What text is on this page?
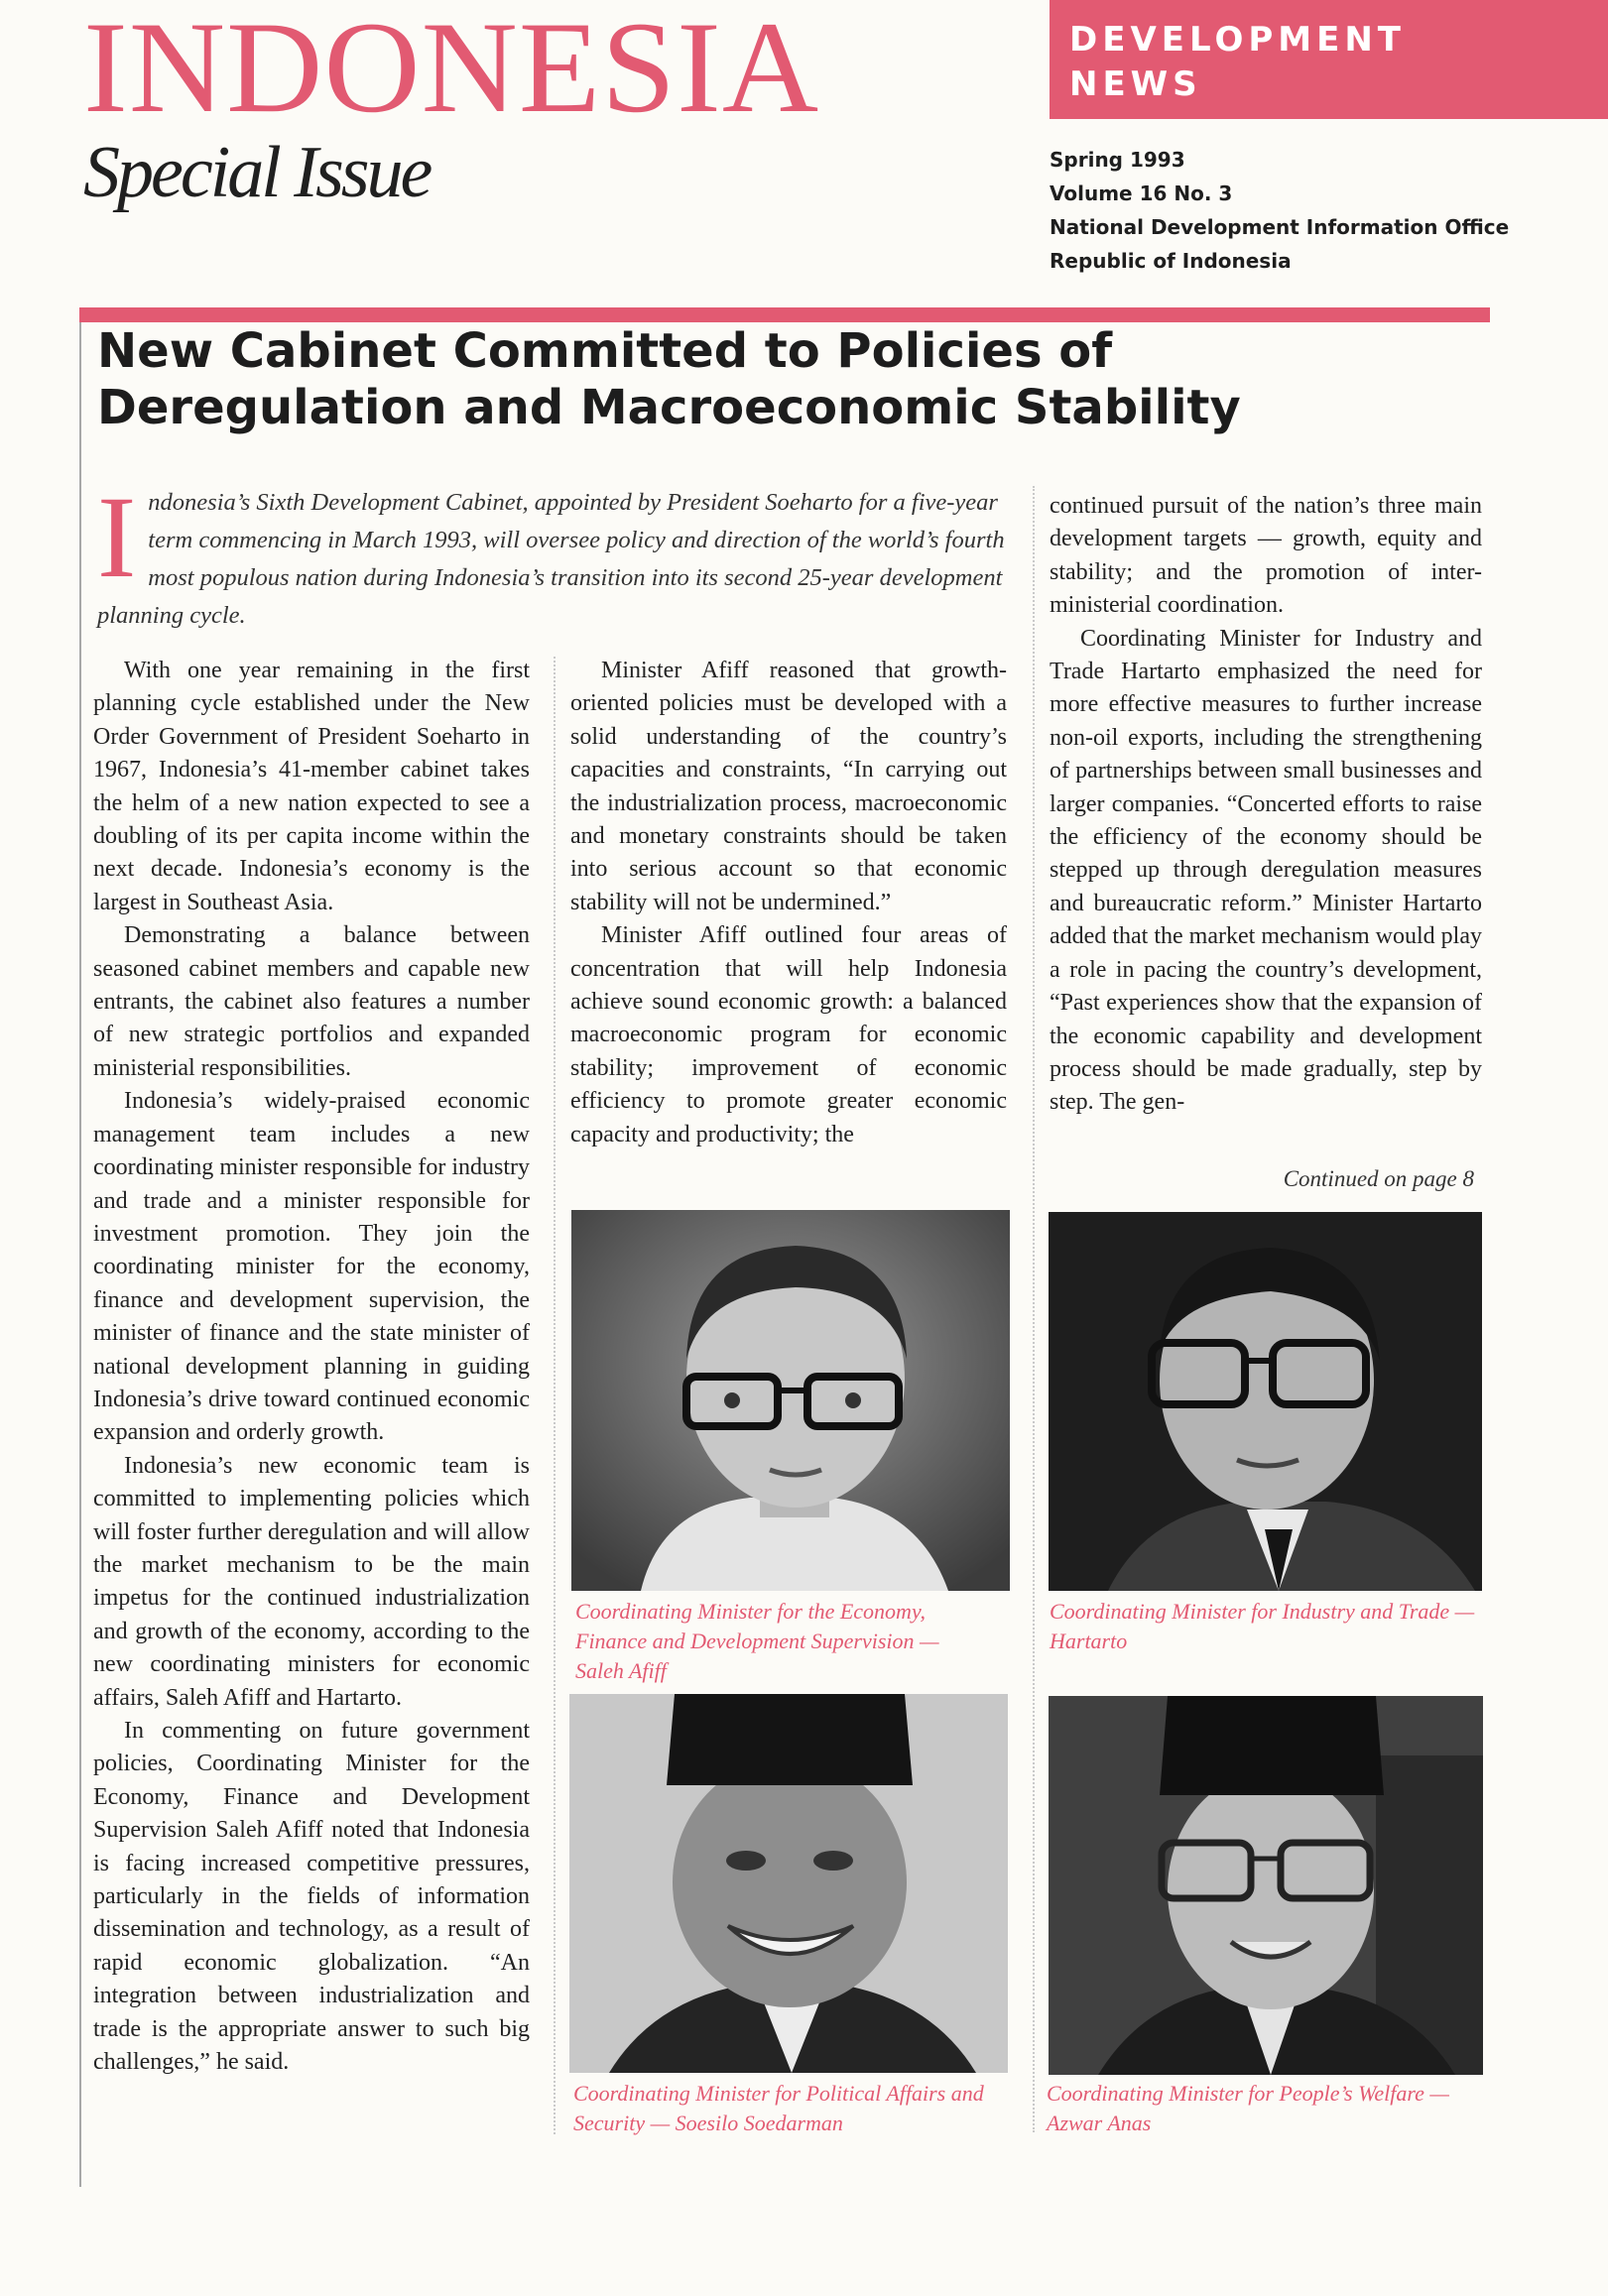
INDONESIA
Special Issue
DEVELOPMENT
NEWS
Spring 1993
Volume 16 No. 3
National Development Information Office
Republic of Indonesia
New Cabinet Committed to Policies of
Deregulation and Macroeconomic Stability
Indonesia’s Sixth Development Cabinet, appointed by President Soeharto for a five-year term commencing in March 1993, will oversee policy and direction of the world’s fourth most populous nation during Indonesia’s transition into its second 25-year development planning cycle.

With one year remaining in the first planning cycle established under the New Order Government of President Soeharto in 1967, Indonesia’s 41-member cabinet takes the helm of a new nation expected to see a doubling of its per capita income within the next decade. Indonesia’s economy is the largest in Southeast Asia.

Demonstrating a balance between seasoned cabinet members and capable new entrants, the cabinet also features a number of new strategic portfolios and expanded ministerial responsibilities.

Indonesia’s widely-praised economic management team includes a new coordinating minister responsible for industry and trade and a minister responsible for investment promotion. They join the coordinating minister for the economy, finance and development supervision, the minister of finance and the state minister of national development planning in guiding Indonesia’s drive toward continued economic expansion and orderly growth.

Indonesia’s new economic team is committed to implementing policies which will foster further deregulation and will allow the market mechanism to be the main impetus for the continued industrialization and growth of the economy, according to the new coordinating ministers for economic affairs, Saleh Afiff and Hartarto.

In commenting on future government policies, Coordinating Minister for the Economy, Finance and Development Supervision Saleh Afiff noted that Indonesia is facing increased competitive pressures, particularly in the fields of information dissemination and technology, as a result of rapid economic globalization. “An integration between industrialization and trade is the appropriate answer to such big challenges,” he said.

Minister Afiff reasoned that growth-oriented policies must be developed with a solid understanding of the country’s capacities and constraints, “In carrying out the industrialization process, macroeconomic and monetary constraints should be taken into serious account so that economic stability will not be undermined.”

Minister Afiff outlined four areas of concentration that will help Indonesia achieve sound economic growth: a balanced macroeconomic program for economic stability; improvement of economic efficiency to promote greater economic capacity and productivity; the

continued pursuit of the nation’s three main development targets — growth, equity and stability; and the promotion of inter-ministerial coordination.

Coordinating Minister for Industry and Trade Hartarto emphasized the need for more effective measures to further increase non-oil exports, including the strengthening of partnerships between small businesses and larger companies. “Concerted efforts to raise the efficiency of the economy should be stepped up through deregulation measures and bureaucratic reform.” Minister Hartarto added that the market mechanism would play a role in pacing the country’s development, “Past experiences show that the expansion of the economic capability and development process should be made gradually, step by step. The gen-

Continued on page 8
Coordinating Minister for the Economy, Finance and Development Supervision — Saleh Afiff
Coordinating Minister for Industry and Trade — Hartarto
Coordinating Minister for Political Affairs and Security — Soesilo Soedarman
Coordinating Minister for People’s Welfare — Azwar Anas
